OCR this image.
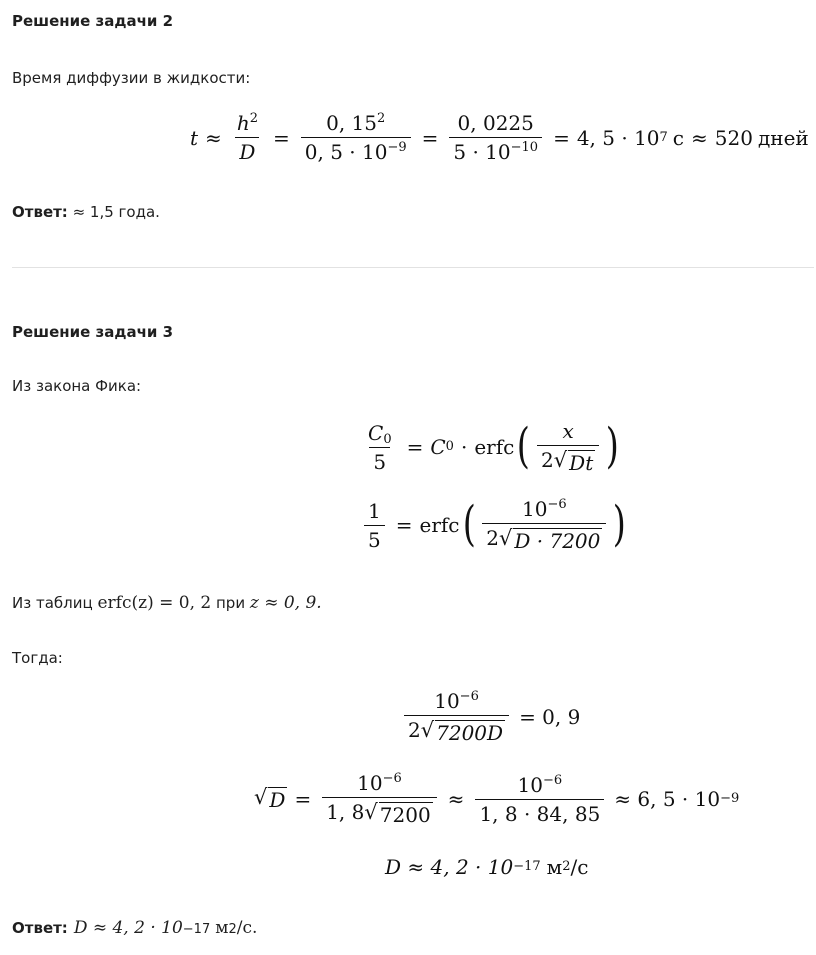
Решение задачи 2
Время диффузии в жидкости:
$t \approx \frac{h^2}{D} = \frac{0, 15^2}{0, 5 \cdot 10^{-9}} = \frac{0, 0225}{5 \cdot 10^{-10}} = 4$, 5 · 10 7 с ≈ 520 дней
Ответ: ≈ 1,5 года.
Решение задачи 3
Из закона Фика:
$\frac{C_0}{5} = C$ 0 · erfc ( $\frac{x}{2 √ Dt}$ )
$\frac{1}{5}$ = erfc ( $\frac{10^{-6}}{2 √ D \cdot 7200}$ )
Из таблиц erfc(z) = 0, 2 при z ≈ 0, 9.
Тогда:
$\frac{10^{-6}}{2 √ 7200D} = 0$, 9
√ $D = \frac{10^{-6}}{1, 8 √ 7200} \approx \frac{10^{-6}}{1, 8 \cdot 84, 85} \approx 6$, 5 · 10 −9
D ≈ 4, 2 · 10 −17 м 2 /с
Ответ: D ≈ 4, 2 · 10 −17 м 2 /с.
